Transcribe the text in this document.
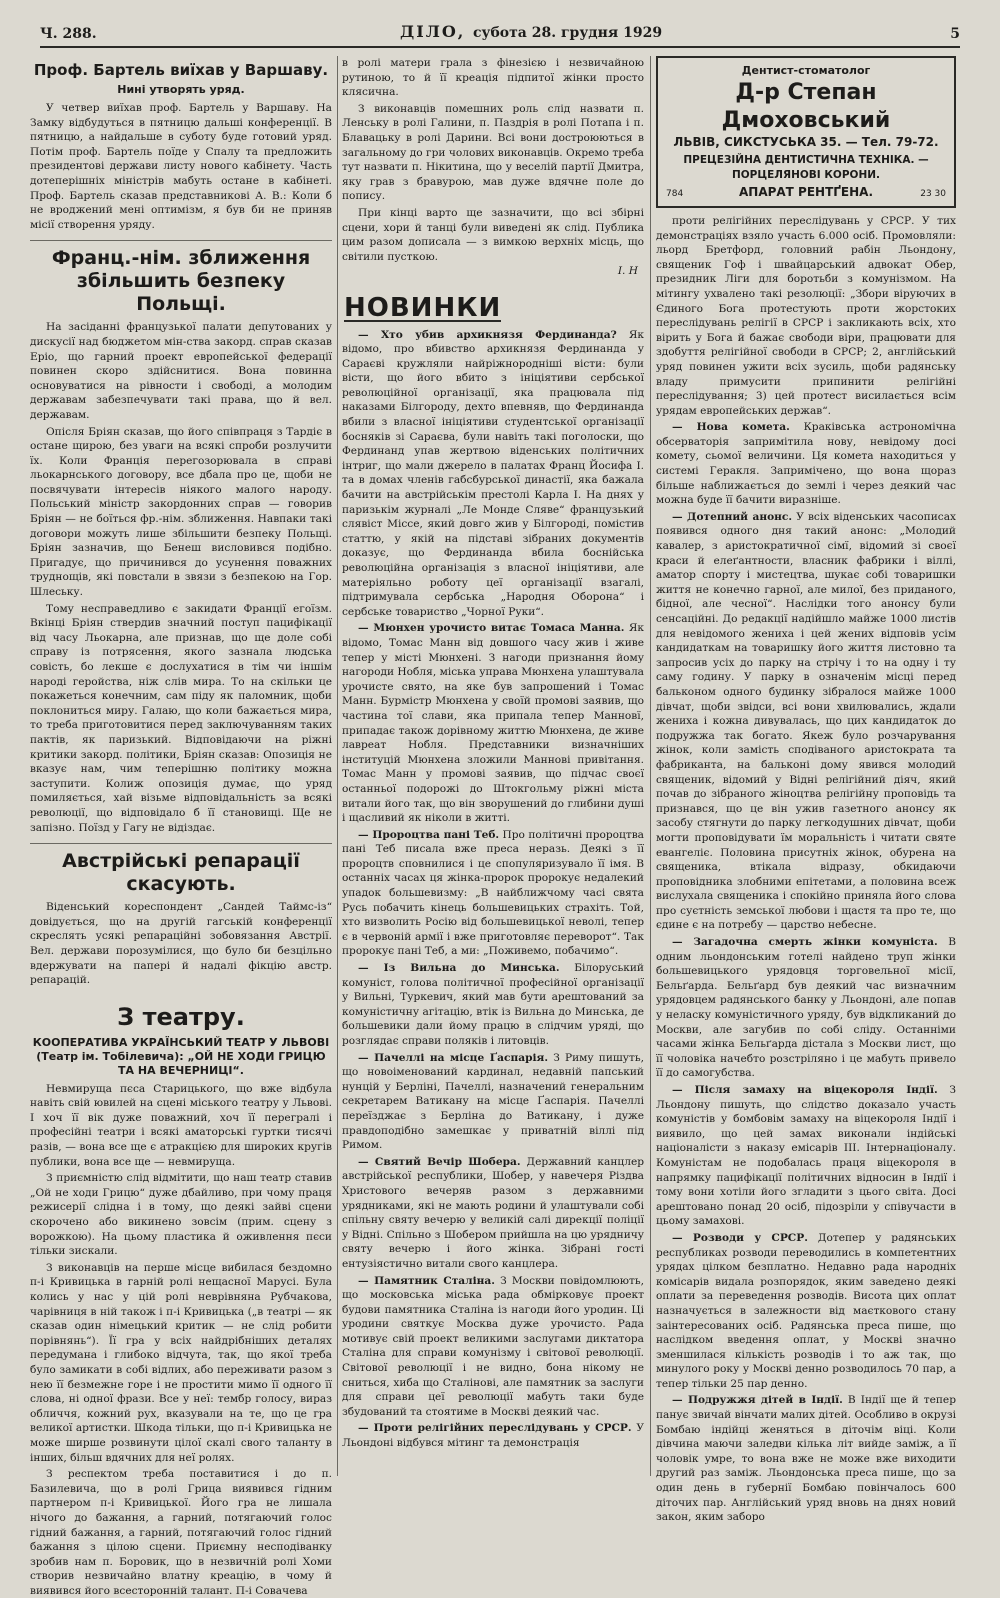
Ч. 288.	ДІЛО, субота 28. грудня 1929	5
Проф. Бартель виїхав у Варшаву.
Нині утворять уряд.

У четвер виїхав проф. Бартель у Варшаву. На Замку відбудуться в пятницю дальші конференції. В пятницю, а найдальше в суботу буде готовий уряд. Потім проф. Бартель поїде у Спалу та предложить президентові держави листу нового кабінету. Часть дотеперішніх міністрів мабуть остане в кабінеті. Проф. Бартель сказав представникові А. В.: Коли б не вроджений мені оптимізм, я був би не приняв місії створення уряду.

Франц.-нім. зближення збільшить безпеку Польщі.

На засіданні французької палати депутованих у дискусії над бюджетом мін-ства закорд. справ сказав Еріо, що гарний проект европейської федерації повинен скоро здійснитися. Вона повинна основуватися на рівности і свободі, а молодим державам забезпечувати такі права, що й вел. державам.

Опісля Бріян сказав, що його співпраця з Тардіє в остане щирою, без уваги на всякі спроби розлучити їх. Коли Франція перегозорювала в справі льокарнського договору, все дбала про це, щоби не посвячувати інтересів ніякого малого народу. Польський міністр закордонних справ — говорив Бріян — не боїться фр.-нім. зближення. Навпаки такі договори можуть лише збільшити безпеку Польщі. Бріян зазначив, що Бенеш висловився подібно. Пригадує, що причинився до усунення поважних труднощів, які повстали в звязи з безпекою на Гор. Шлеську.

Тому несправедливо є закидати Франції егоїзм. Вкінці Бріян ствердив значний поступ пацифікації від часу Льокарна, але признав, що ще доле собі справу із потрясення, якого зазнала людська совість, бо лекше є дослухатися в тім чи іншім народі геройства, ніж слів мира. То на скільки це покажеться конечним, сам піду як паломник, щоби поклониться миру. Галаю, що коли бажається мира, то треба приготовитися перед заключуванням таких пактів, як паризький. Відповідаючи на ріжні критики закорд. політики, Бріян сказав: Опозиція не вказує нам, чим теперішню політику можна заступити. Колиж опозиція думає, що уряд помиляється, хай візьме відповідальність за всякі революції, що відповідало б її становищі. Ще не запізно. Поїзд у Гагу не відіздає.

Австрійські репарації скасують.

Віденський кореспондент „Сандей Таймс-із“ довідується, що на другій гагській конференції скреслять усякі репараційні зобовязання Австрії. Вел. держави порозумілися, що було би безцільно вдержувати на папері й надалі фікцію австр. репарацій.

З театру.
КООПЕРАТИВА УКРАЇНСЬКИЙ ТЕАТР У ЛЬВОВІ (Театр ім. Тобілевича): „ОЙ НЕ ХОДИ ГРИЦЮ ТА НА ВЕЧЕРНИЦІ“.

Невмируща пєса Старицького, що вже відбула навіть свій ювилей на сцені міського театру у Львові. І хоч її вік дуже поважний, хоч її перегралі і професійні театри і всякі аматорські гуртки тисячі разів, — вона все ще є атракцією для широких кругів публики, вона все ще — невмируща.

З приємністю слід відмітити, що наш театр ставив „Ой не ходи Грицю“ дуже дбайливо, при чому праця режисерії слідна і в тому, що деякі зайві сцени скорочено або викинено зовсім (прим. сцену з ворожкою). На цьому пластика й оживлення пєси тільки зискали.

З виконавців на перше місце вибилася бездомно п-і Кривицька в гарній ролі нещасної Марусі. Була колись у нас у цій ролі неврівняна Рубчакова, чарівниця в ній також і п-і Кривицька („в театрі — як сказав один німецький критик — не слід робити порівнянь“). Її гра у всіх найдрібніших деталях передумана і глибоко відчута, так, що якої треба було замикати в собі відлих, або переживати разом з нею її безмежне горе і не простити мимо її одного її слова, ні одної фрази. Все у неї: тембр голосу, вираз обличчя, кожний рух, вказували на те, що це гра великої артистки. Шкода тільки, що п-і Кривицька не може ширше розвинути цілої скалі свого таланту в інших, більш вдячних для неї ролях.

З респектом треба поставитися і до п. Базилевича, що в ролі Грица виявився гідним партнером п-і Кривицької. Його гра не лишала нічого до бажання, а гарний, потягаючий голос гідний бажання, а гарний, потягаючий голос гідний бажання з цілою сцени. Приємну несподіванку зробив нам п. Боровик, що в незвичній ролі Хоми створив незвичайно влатну креацію, в чому й виявився його всесторонній талант. П-і Совачева

в ролі матери грала з фінезією і незвичайною рутиною, то й її креація підпитої жінки просто клясична.

З виконавців помешних роль слід назвати п. Ленську в ролі Галини, п. Паздрія в ролі Потапа і п. Блавацьку в ролі Дарини. Всі вони достроюються в загальному до гри чолових виконавців. Окремо треба тут назвати п. Нікитина, що у веселій партії Дмитра, яку грав з бравурою, мав дуже вдячне поле до попису.

При кінці варто ще зазначити, що всі збірні сцени, хори й танці були виведені як слід. Публика цим разом дописала — з вимкою верхніх місць, що світили пусткою.

І. Н
НОВИНКИ

— Хто убив архикнязя Фердинанда? Як відомо, про вбивство архикнязя Фердинанда у Сараєві кружляли найріжнородніші вісти: були вісти, що його вбито з ініціятиви сербської революційної організації, яка працювала під наказами Білгороду, дехто впевняв, що Фердинанда вбили з власної ініціятиви студентської організації босняків зі Сараєва, були навіть такі поголоски, що Фердинанд упав жертвою віденських політичних інтриг, що мали джерело в палатах Франц Йосифа І. та в домах членів габсбурської династії, яка бажала бачити на австрійськім престолі Карла І. На днях у паризькім журналі „Ле Монде Сляве“ французький слявіст Міссе, який довго жив у Білгороді, помістив статтю, у якій на підставі зібраних документів доказує, що Фердинанда вбила боснійська революційна організація з власної ініціятиви, але матеріяльно роботу цеї організації взагалі, підтримувала сербська „Народня Оборона“ і сербське товариство „Чорної Руки“.

— Мюнхен урочисто витає Томаса Манна. Як відомо, Томас Манн від довшого часу жив і живе тепер у місті Мюнхені. З нагоди признання йому нагороди Нобля, міська управа Мюнхена улаштувала урочисте свято, на яке був запрошений і Томас Манн. Бурмістр Мюнхена у своїй промові заявив, що частина тої слави, яка припала тепер Манновї, припадає також дорівному життю Мюнхена, де живе лавреат Нобля. Представники визначніших інституцій Мюнхена зложили Маннові привітання. Томас Манн у промові заявив, що підчас своєї останньої подорожі до Штокгольму ріжні міста витали його так, що він зворушений до глибини душі і щасливий як ніколи в житті.

— Пророцтва пані Теб. Про політичні пророцтва пані Теб писала вже преса неразь. Деякі з її пророцтв сповнилися і це спопуляризувало її імя. В останніх часах ця жінка-пророк пророкує недалекий упадок большевизму: „В найближчому часі свята Русь побачить кінець большевицьких страхіть. Той, хто визволить Росію від большевицької неволі, тепер є в червоній армії і вже приготовляє переворот“. Так пророкує пані Теб, а ми: „Поживемо, побачимо“.

— Із Вильна до Минська. Білоруський комуніст, голова політичної професійної організації у Вильні, Туркевич, який мав бути арештований за комуністичну агітацію, втік із Вильна до Минська, де большевики дали йому працю в слідчим уряді, що розглядає справи поляків і литовців.

— Пачеллі на місце Ґаспарія. З Риму пишуть, що новоіменований кардинал, недавній папський нунцій у Берліні, Пачеллі, назначений генеральним секретарем Ватикану на місце Ґаспарія. Пачеллі переїзджає з Берліна до Ватикану, і дуже правдоподібно замешкає у приватній віллі під Римом.

— Святий Вечір Шобера. Державний канцлер австрійської республики, Шобер, у навечеря Різдва Христового вечеряв разом з державними урядниками, які не мають родини й улаштували собі спільну святу вечерю у великій салі дирекції поліції у Відні. Спільно з Шобером прийшла на цю урядничу святу вечерю і його жінка. Зібрані гості ентузіястично витали свого канцлера.

— Памятник Сталіна. З Москви повідомлюють, що московська міська рада обмірковує проект будови памятника Сталіна із нагоди його уродин. Ці уродини святкує Москва дуже урочисто. Рада мотивує свій проект великими заслугами диктатора Сталіна для справи комунізму і світової революції. Світової революції і не видно, бона нікому не сниться, хиба що Сталінові, але памятник за заслуги для справи цеї революції мабуть таки буде збудований та стоятиме в Москві деякий час.

— Проти релігійних переслідувань у СРСР. У Льондоні відбувся мітинг та демонстрація

Дентист-стоматолог
Д-р Степан Дмоховський
ЛЬВІВ, СИКСТУСЬКА 35. — Тел. 79-72.
ПРЕЦЕЗІЙНА ДЕНТИСТИЧНА ТЕХНІКА. — ПОРЦЕЛЯНОВІ КОРОНИ.
784	АПАРАТ РЕНТҐЕНА.	23 30

проти релігійних переслідувань у СРСР. У тих демонстраціях взяло участь 6.000 осіб. Промовляли: льорд Бретфорд, головний рабін Льондону, священик Гоф і швайцарський адвокат Обер, президник Ліги для боротьби з комунізмом. На мітингу ухвалено такі резолюції: „Збори віруючих в Єдиного Бога протестують проти жорстоких переслідувань релігії в СРСР і закликають всіх, хто вірить у Бога й бажає свободи віри, працювати для здобуття релігійної свободи в СРСР; 2, англійський уряд повинен ужити всіх зусиль, щоби радянську владу примусити припинити релігійні переслідування; 3) цей протест висилається всім урядам европейських держав“.

— Нова комета. Краківська астрономічна обсерваторія запримітила нову, невідому досі комету, сьомої величини. Ця комета находиться у системі Геракля. Запримічено, що вона щораз більше наближається до землі і через деякий час можна буде її бачити виразніше.

— Дотепний анонс. У всіх віденських часописах появився одного дня такий анонс: „Молодий кавалер, з аристократичної сімї, відомий зі своєї краси й елеґантности, власник фабрики і віллі, аматор спорту і мистецтва, шукає собі товаришки життя не конечно гарної, але милої, без приданого, бідної, але чесної“. Наслідки того анонсу були сенсаційні. До редакції надійшло майже 1000 листів для невідомого жениха і цей жених відповів усім кандидаткам на товаришку його життя листовно та запросив усіх до парку на стрічу і то на одну і ту саму годину. У парку в означенім місці перед бальконом одного будинку зібралося майже 1000 дівчат, щоби звідси, всі вони хвилювались, ждали жениха і кожна дивувалась, що цих кандидаток до подружжа так богато. Якеж було розчарування жінок, коли замість сподіваного аристократа та фабриканта, на бальконі дому явився молодий священик, відомий у Відні релігійний діяч, який почав до зібраного жіноцтва релігійну проповідь та признався, що це він ужив газетного анонсу як засобу стягнути до парку легкодушних дівчат, щоби могти проповідувати їм моральність і читати святе евангеліє. Половина присутніх жінок, обурена на священика, втікала відразу, обкидаючи проповідника злобними епітетами, а половина всеж вислухала священика і спокійно приняла його слова про суєтність земської любови і щастя та про те, що єдине є на потребу — царство небесне.

— Загадочна смерть жінки комуніста. В одним льондонським готелі найдено труп жінки большевицького урядовця торговельної місії, Бельґарда. Бельґард був деякий час визначним урядовцем радянського банку у Льондоні, але попав у неласку комуністичного уряду, був відкликаний до Москви, але загубив по собі сліду. Останніми часами жінка Бельґарда дістала з Москви лист, що її чоловіка начебто розстріляно і це мабуть привело її до самогубства.

— Після замаху на віцекороля Індії. З Льондону пишуть, що слідство доказало участь комуністів у бомбовім замаху на віцекороля Індії і виявило, що цей замах виконали індійські націоналісти з наказу емісарів III. Інтернаціоналу. Комуністам не подобалась праця віцекороля в напрямку пацифікації політичних відносин в Індії і тому вони хотіли його згладити з цього світа. Досі арештовано понад 20 осіб, підозріли у співучасти в цьому замахові.

— Розводи у СРСР. Дотепер у радянських республиках розводи переводились в компетентних урядах цілком безплатно. Недавно рада народніх комісарів видала розпорядок, яким заведено деякі оплати за переведення розводів. Висота цих оплат назначується в залежности від маєткового стану заінтересованих осіб. Радянська преса пише, що наслідком введення оплат, у Москві значно зменшилася кількість розводів і то аж так, що минулого року у Москві денно розводилось 70 пар, а тепер тільки 25 пар денно.

— Подружжя дітей в Індії. В Індії ще й тепер панує звичай вінчати малих дітей. Особливо в окрузі Бомбаю індійці женяться в діточім віці. Коли дівчина маючи заледви кілька літ вийде заміж, а її чоловік умре, то вона вже не може вже виходити другий раз заміж. Льондонська преса пише, що за один день в губернії Бомбаю повінчалось 600 діточих пар. Англійський уряд вновь на днях новий закон, яким заборо
